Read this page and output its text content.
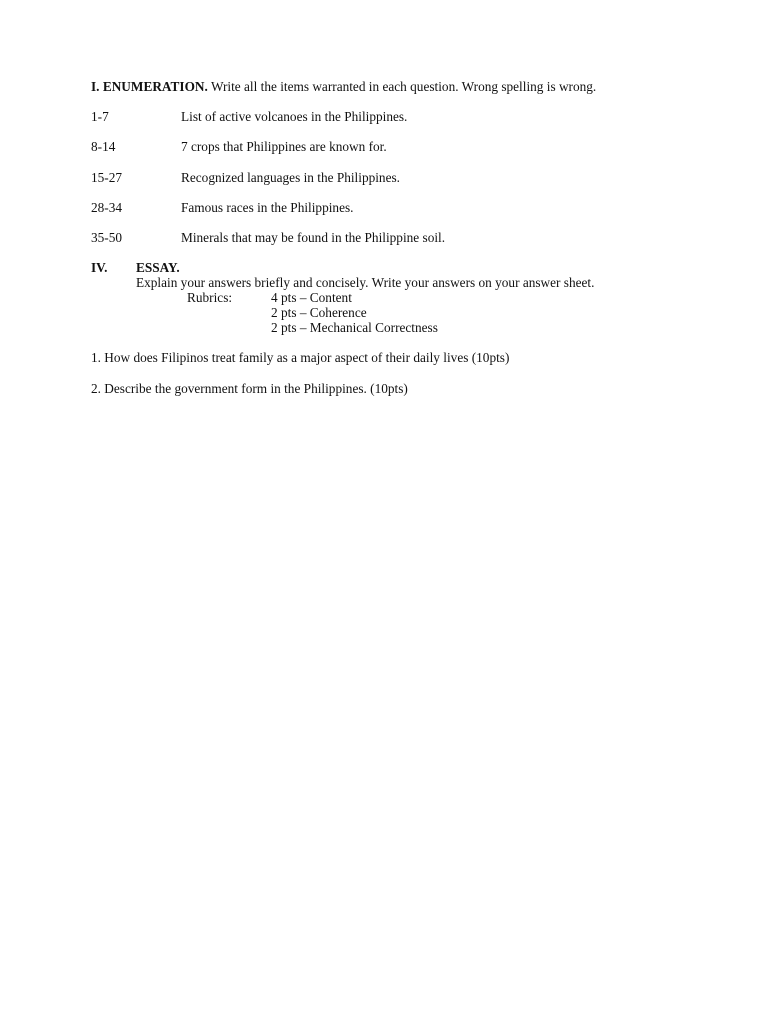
I. ENUMERATION. Write all the items warranted in each question. Wrong spelling is wrong.
1-7	List of active volcanoes in the Philippines.
8-14	7 crops that Philippines are known for.
15-27	Recognized languages in the Philippines.
28-34	Famous races in the Philippines.
35-50	Minerals that may be found in the Philippine soil.
IV. ESSAY.
Explain your answers briefly and concisely. Write your answers on your answer sheet.
Rubrics:	4 pts – Content
2 pts – Coherence
2 pts – Mechanical Correctness
1. How does Filipinos treat family as a major aspect of their daily lives (10pts)
2. Describe the government form in the Philippines. (10pts)
